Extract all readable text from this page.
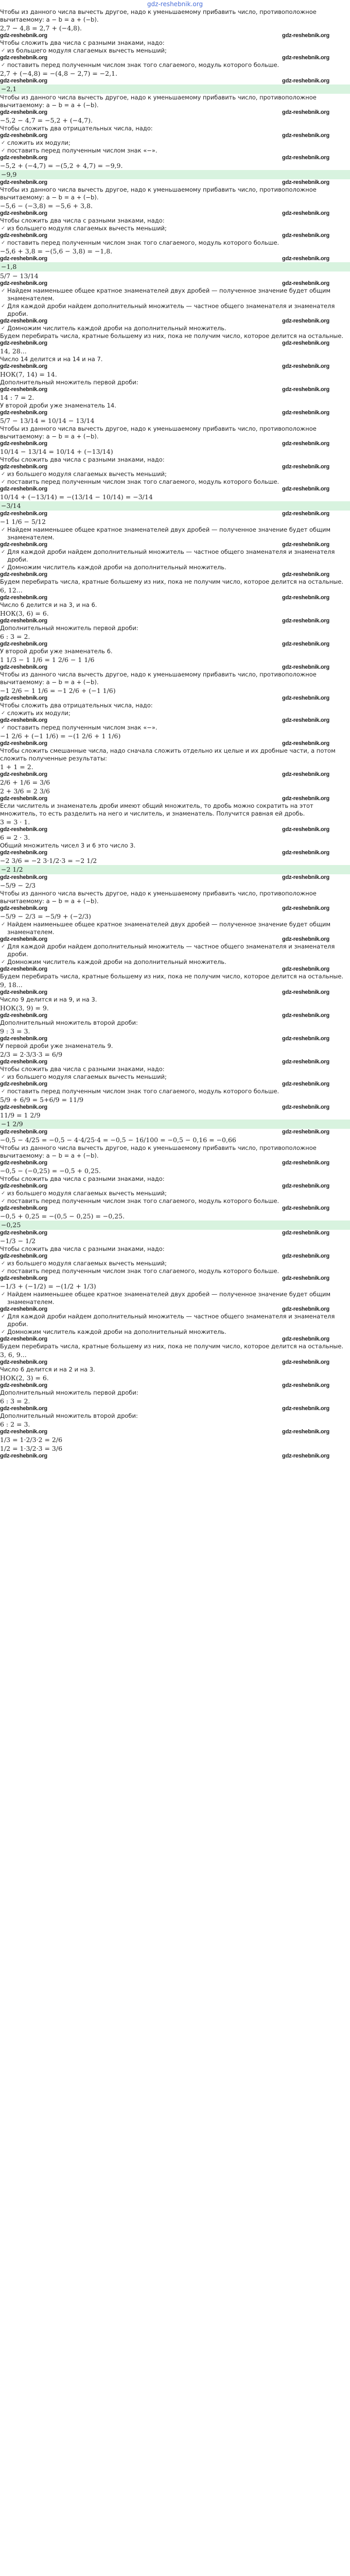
gdz-reshebnik.org

Чтобы из данного числа вычесть другое, надо к уменьшаемому прибавить число, противоположное вычитаемому: a − b = a + (−b).

2,7 − 4,8 = 2,7 + (−4,8).

gdz-reshebnik.org	gdz-reshebnik.org

Чтобы сложить два числа с разными знаками, надо:

✓ из большего модуля слагаемых вычесть меньший;

gdz-reshebnik.org	gdz-reshebnik.org

✓ поставить перед полученным числом знак того слагаемого, модуль которого больше.

2,7 + (−4,8) = −(4,8 − 2,7) = −2,1.

gdz-reshebnik.org	gdz-reshebnik.org

−2,1

Чтобы из данного числа вычесть другое, надо к уменьшаемому прибавить число, противоположное вычитаемому: a − b = a + (−b).

gdz-reshebnik.org	gdz-reshebnik.org

−5,2 − 4,7 = −5,2 + (−4,7).

Чтобы сложить два отрицательных числа, надо:

gdz-reshebnik.org	gdz-reshebnik.org

✓ сложить их модули;

✓ поставить перед полученным числом знак «−».

gdz-reshebnik.org	gdz-reshebnik.org

−5,2 + (−4,7) = −(5,2 + 4,7) = −9,9.

−9,9

gdz-reshebnik.org	gdz-reshebnik.org

Чтобы из данного числа вычесть другое, надо к уменьшаемому прибавить число, противоположное вычитаемому: a − b = a + (−b).

−5,6 − (−3,8) = −5,6 + 3,8.

gdz-reshebnik.org	gdz-reshebnik.org

Чтобы сложить два числа с разными знаками, надо:

✓ из большего модуля слагаемых вычесть меньший;

gdz-reshebnik.org	gdz-reshebnik.org

✓ поставить перед полученным числом знак того слагаемого, модуль которого больше.

−5,6 + 3,8 = −(5,6 − 3,8) = −1,8.

gdz-reshebnik.org	gdz-reshebnik.org

−1,8

5/7 − 13/14

gdz-reshebnik.org	gdz-reshebnik.org

✓ Найдем наименьшее общее кратное знаменателей двух дробей — полученное значение будет общим знаменателем.

✓ Для каждой дроби найдем дополнительный множитель — частное общего знаменателя и знаменателя дроби.

gdz-reshebnik.org	gdz-reshebnik.org

✓ Домножим числитель каждой дроби на дополнительный множитель.

Будем перебирать числа, кратные большему из них, пока не получим число, которое делится на остальные.

gdz-reshebnik.org	gdz-reshebnik.org

14, 28...

Число 14 делится и на 14 и на 7.

gdz-reshebnik.org	gdz-reshebnik.org

НОК(7, 14) = 14.

Дополнительный множитель первой дроби:

gdz-reshebnik.org	gdz-reshebnik.org

14 : 7 = 2.

У второй дроби уже знаменатель 14.

gdz-reshebnik.org	gdz-reshebnik.org

5/7 − 13/14 = 10/14 − 13/14

Чтобы из данного числа вычесть другое, надо к уменьшаемому прибавить число, противоположное вычитаемому: a − b = a + (−b).

gdz-reshebnik.org	gdz-reshebnik.org

10/14 − 13/14 = 10/14 + (−13/14)

Чтобы сложить два числа с разными знаками, надо:

gdz-reshebnik.org	gdz-reshebnik.org

✓ из большего модуля слагаемых вычесть меньший;

✓ поставить перед полученным числом знак того слагаемого, модуль которого больше.

gdz-reshebnik.org	gdz-reshebnik.org

10/14 + (−13/14) = −(13/14 − 10/14) = −3/14

−3/14

gdz-reshebnik.org	gdz-reshebnik.org

−1 1/6 − 5/12

✓ Найдем наименьшее общее кратное знаменателей двух дробей — полученное значение будет общим знаменателем.

gdz-reshebnik.org	gdz-reshebnik.org

✓ Для каждой дроби найдем дополнительный множитель — частное общего знаменателя и знаменателя дроби.

✓ Домножим числитель каждой дроби на дополнительный множитель.

gdz-reshebnik.org	gdz-reshebnik.org

Будем перебирать числа, кратные большему из них, пока не получим число, которое делится на остальные.

6, 12...

gdz-reshebnik.org	gdz-reshebnik.org

Число 6 делится и на 3, и на 6.

НОК(3, 6) = 6.

gdz-reshebnik.org	gdz-reshebnik.org

Дополнительный множитель первой дроби:

6 : 3 = 2.

gdz-reshebnik.org	gdz-reshebnik.org

У второй дроби уже знаменатель 6.

1 1/3 − 1 1/6 = 1 2/6 − 1 1/6

gdz-reshebnik.org	gdz-reshebnik.org

Чтобы из данного числа вычесть другое, надо к уменьшаемому прибавить число, противоположное вычитаемому: a − b = a + (−b).

−1 2/6 − 1 1/6 = −1 2/6 + (−1 1/6)

gdz-reshebnik.org	gdz-reshebnik.org

Чтобы сложить два отрицательных числа, надо:

✓ сложить их модули;

gdz-reshebnik.org	gdz-reshebnik.org

✓ поставить перед полученным числом знак «−».

−1 2/6 + (−1 1/6) = −(1 2/6 + 1 1/6)

gdz-reshebnik.org	gdz-reshebnik.org

Чтобы сложить смешанные числа, надо сначала сложить отдельно их целые и их дробные части, а потом сложить полученные результаты:

1 + 1 = 2.

gdz-reshebnik.org	gdz-reshebnik.org

2/6 + 1/6 = 3/6

2 + 3/6 = 2 3/6

gdz-reshebnik.org	gdz-reshebnik.org

Если числитель и знаменатель дроби имеют общий множитель, то дробь можно сократить на этот множитель, то есть разделить на него и числитель, и знаменатель. Получится равная ей дробь.

3 = 3 · 1.

gdz-reshebnik.org	gdz-reshebnik.org

6 = 2 · 3.

Общий множитель чисел 3 и 6 это число 3.

gdz-reshebnik.org	gdz-reshebnik.org

−2 3/6 = −2 3·1/2·3 = −2 1/2

−2 1/2

gdz-reshebnik.org	gdz-reshebnik.org

−5/9 − 2/3

Чтобы из данного числа вычесть другое, надо к уменьшаемому прибавить число, противоположное вычитаемому: a − b = a + (−b).

gdz-reshebnik.org	gdz-reshebnik.org

−5/9 − 2/3 = −5/9 + (−2/3)

✓ Найдем наименьшее общее кратное знаменателей двух дробей — полученное значение будет общим знаменателем.

gdz-reshebnik.org	gdz-reshebnik.org

✓ Для каждой дроби найдем дополнительный множитель — частное общего знаменателя и знаменателя дроби.

✓ Домножим числитель каждой дроби на дополнительный множитель.

gdz-reshebnik.org	gdz-reshebnik.org

Будем перебирать числа, кратные большему из них, пока не получим число, которое делится на остальные.

9, 18...

gdz-reshebnik.org	gdz-reshebnik.org

Число 9 делится и на 9, и на 3.

НОК(3, 9) = 9.

gdz-reshebnik.org	gdz-reshebnik.org

Дополнительный множитель второй дроби:

9 : 3 = 3.

gdz-reshebnik.org	gdz-reshebnik.org

У первой дроби уже знаменатель 9.

2/3 = 2·3/3·3 = 6/9

gdz-reshebnik.org	gdz-reshebnik.org

Чтобы сложить два числа с разными знаками, надо:

✓ из большего модуля слагаемых вычесть меньший;

gdz-reshebnik.org	gdz-reshebnik.org

✓ поставить перед полученным числом знак того слагаемого, модуль которого больше.

5/9 + 6/9 = 5+6/9 = 11/9

gdz-reshebnik.org	gdz-reshebnik.org

11/9 = 1 2/9

−1 2/9

gdz-reshebnik.org	gdz-reshebnik.org

−0,5 − 4/25 = −0,5 − 4·4/25·4 = −0,5 − 16/100 = −0,5 − 0,16 = −0,66

Чтобы из данного числа вычесть другое, надо к уменьшаемому прибавить число, противоположное вычитаемому: a − b = a + (−b).

gdz-reshebnik.org	gdz-reshebnik.org

−0,5 − (−0,25) = −0,5 + 0,25.

Чтобы сложить два числа с разными знаками, надо:

gdz-reshebnik.org	gdz-reshebnik.org

✓ из большего модуля слагаемых вычесть меньший;

✓ поставить перед полученным числом знак того слагаемого, модуль которого больше.

gdz-reshebnik.org	gdz-reshebnik.org

−0,5 + 0,25 = −(0,5 − 0,25) = −0,25.

−0,25

gdz-reshebnik.org	gdz-reshebnik.org

−1/3 − 1/2

Чтобы сложить два числа с разными знаками, надо:

gdz-reshebnik.org	gdz-reshebnik.org

✓ из большего модуля слагаемых вычесть меньший;

✓ поставить перед полученным числом знак того слагаемого, модуль которого больше.

gdz-reshebnik.org	gdz-reshebnik.org

−1/3 + (−1/2) = −(1/2 + 1/3)

✓ Найдем наименьшее общее кратное знаменателей двух дробей — полученное значение будет общим знаменателем.

gdz-reshebnik.org	gdz-reshebnik.org

✓ Для каждой дроби найдем дополнительный множитель — частное общего знаменателя и знаменателя дроби.

✓ Домножим числитель каждой дроби на дополнительный множитель.

gdz-reshebnik.org	gdz-reshebnik.org

Будем перебирать числа, кратные большему из них, пока не получим число, которое делится на остальные.

3, 6, 9...

gdz-reshebnik.org	gdz-reshebnik.org

Число 6 делится и на 2 и на 3.

НОК(2, 3) = 6.

gdz-reshebnik.org	gdz-reshebnik.org

Дополнительный множитель первой дроби:

6 : 3 = 2.

gdz-reshebnik.org	gdz-reshebnik.org

Дополнительный множитель второй дроби:

6 : 2 = 3.

gdz-reshebnik.org	gdz-reshebnik.org

1/3 = 1·2/3·2 = 2/6

1/2 = 1·3/2·3 = 3/6

gdz-reshebnik.org	gdz-reshebnik.org
